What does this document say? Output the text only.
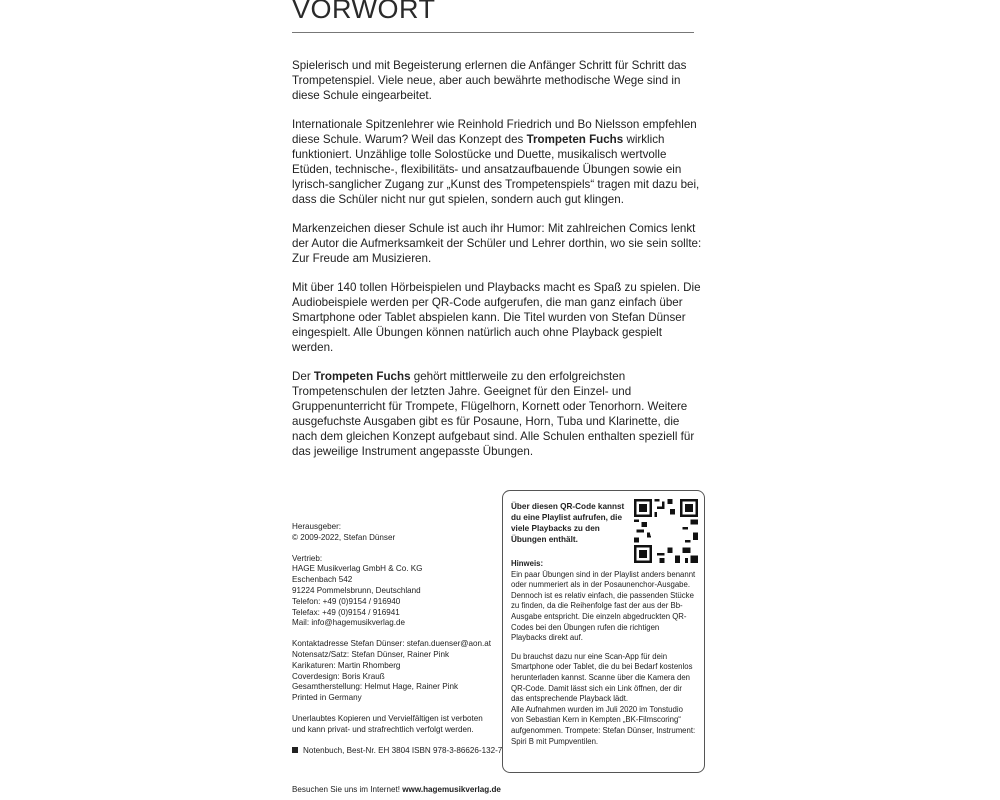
VORWORT

Spielerisch und mit Begeisterung erlernen die Anfänger Schritt für Schritt das Trompetenspiel. Viele neue, aber auch bewährte methodische Wege sind in diese Schule eingearbeitet.

Internationale Spitzenlehrer wie Reinhold Friedrich und Bo Nielsson empfehlen diese Schule. Warum? Weil das Konzept des Trompeten Fuchs wirklich funktioniert. Unzählige tolle Solostücke und Duette, musikalisch wertvolle Etüden, technische-, flexibilitäts- und ansatzaufbauende Übungen sowie ein lyrisch-sanglicher Zugang zur „Kunst des Trompetenspiels“ tragen mit dazu bei, dass die Schüler nicht nur gut spielen, sondern auch gut klingen.

Markenzeichen dieser Schule ist auch ihr Humor: Mit zahlreichen Comics lenkt der Autor die Aufmerksamkeit der Schüler und Lehrer dorthin, wo sie sein sollte: Zur Freude am Musizieren.

Mit über 140 tollen Hörbeispielen und Playbacks macht es Spaß zu spielen. Die Audiobeispiele werden per QR-Code aufgerufen, die man ganz einfach über Smartphone oder Tablet abspielen kann. Die Titel wurden von Stefan Dünser eingespielt. Alle Übungen können natürlich auch ohne Playback gespielt werden.

Der Trompeten Fuchs gehört mittlerweile zu den erfolgreichsten Trompetenschulen der letzten Jahre. Geeignet für den Einzel- und Gruppenunterricht für Trompete, Flügelhorn, Kornett oder Tenorhorn. Weitere ausgefuchste Ausgaben gibt es für Posaune, Horn, Tuba und Klarinette, die nach dem gleichen Konzept aufgebaut sind. Alle Schulen enthalten speziell für das jeweilige Instrument angepasste Übungen.

Herausgeber:
© 2009-2022, Stefan Dünser
Vertrieb:
HAGE Musikverlag GmbH & Co. KG
Eschenbach 542
91224 Pommelsbrunn, Deutschland
Telefon: +49 (0)9154 / 916940
Telefax: +49 (0)9154 / 916941
Mail: info@hagemusikverlag.de
Kontaktadresse Stefan Dünser: stefan.duenser@aon.at
Notensatz/Satz: Stefan Dünser, Rainer Pink
Karikaturen: Martin Rhomberg
Coverdesign: Boris Krauß
Gesamtherstellung: Helmut Hage, Rainer Pink
Printed in Germany
Unerlaubtes Kopieren und Vervielfältigen ist verboten
und kann privat- und strafrechtlich verfolgt werden.
Notenbuch, Best-Nr. EH 3804 ISBN 978-3-86626-132-7
Besuchen Sie uns im Internet! www.hagemusikverlag.de
Über diesen QR-Code kannst du eine Playlist aufrufen, die viele Playbacks zu den Übungen enthält.
Hinweis:

Ein paar Übungen sind in der Playlist anders benannt oder nummeriert als in der Posaunenchor-Ausgabe. Dennoch ist es relativ einfach, die passenden Stücke zu finden, da die Reihenfolge fast der aus der Bb-Ausgabe entspricht. Die einzeln abgedruckten QR-Codes bei den Übungen rufen die richtigen Playbacks direkt auf.

Du brauchst dazu nur eine Scan-App für dein Smartphone oder Tablet, die du bei Bedarf kostenlos herunterladen kannst. Scanne über die Kamera den QR-Code. Damit lässt sich ein Link öffnen, der dir das entsprechende Playback lädt.

Alle Aufnahmen wurden im Juli 2020 im Tonstudio von Sebastian Kern in Kempten „BK-Filmscoring“ aufgenommen. Trompete: Stefan Dünser, Instrument: Spiri B mit Pumpventilen.
